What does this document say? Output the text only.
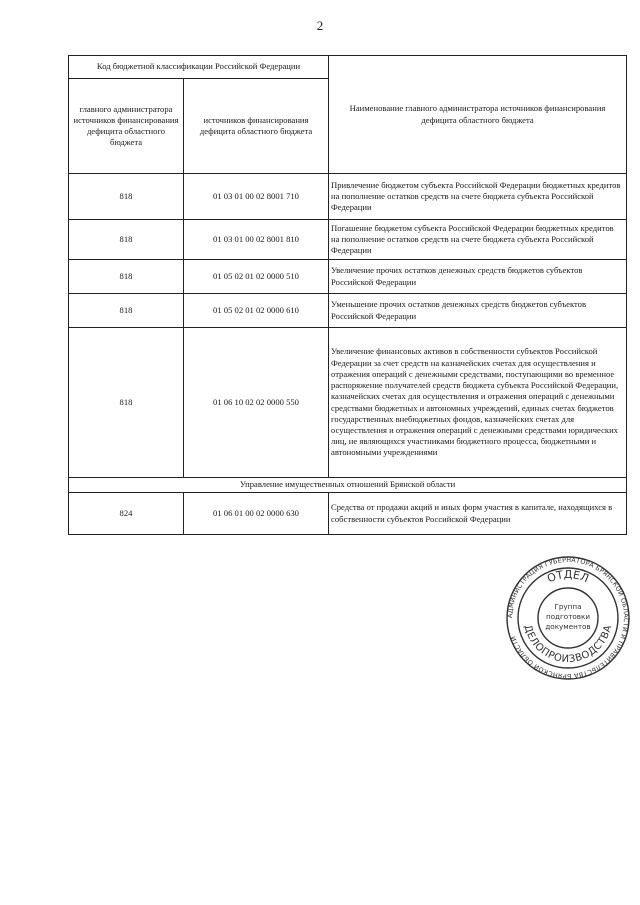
2
Код бюджетной классификации Российской Федерации		Наименование главного администратора источников финансирования дефицита областного бюджета
главного администратора источников финансирования дефицита областного бюджета	источников финансирования дефицита областного бюджета	
818	01 03 01 00 02 8001 710	Привлечение бюджетом субъекта Российской Федерации бюджетных кредитов на пополнение остатков средств на счете бюджета субъекта Российской Федерации
818	01 03 01 00 02 8001 810	Погашение бюджетом субъекта Российской Федерации бюджетных кредитов на пополнение остатков средств на счете бюджета субъекта Российской Федерации
818	01 05 02 01 02 0000 510	Увеличение прочих остатков денежных средств бюджетов субъектов Российской Федерации
818	01 05 02 01 02 0000 610	Уменьшение прочих остатков денежных средств бюджетов субъектов Российской Федерации
818	01 06 10 02 02 0000 550	Увеличение финансовых активов в собственности субъектов Российской Федерации за счет средств на казначейских счетах для осуществления и отражения операций с денежными средствами, поступающими во временное распоряжение получателей средств бюджета субъекта Российской Федерации, казначейских счетах для осуществления и отражения операций с денежными средствами бюджетных и автономных учреждений, единых счетах бюджетов государственных внебюджетных фондов, казначейских счетах для осуществления и отражения операций с денежными средствами юридических лиц, не являющихся участниками бюджетного процесса, бюджетными и автономными учреждениями
Управление имущественных отношений Брянской области		
824	01 06 01 00 02 0000 630	Средства от продажи акций и иных форм участия в капитале, находящихся в собственности субъектов Российской Федерации
АДМИНИСТРАЦИЯ ГУБЕРНАТОРА БРЯНСКОЙ ОБЛАСТИ И ПРАВИТЕЛЬСТВА БРЯНСКОЙ ОБЛАСТИ
ОТДЕЛ
ДЕЛОПРОИЗВОДСТВА
Группа
подготовки
документов
